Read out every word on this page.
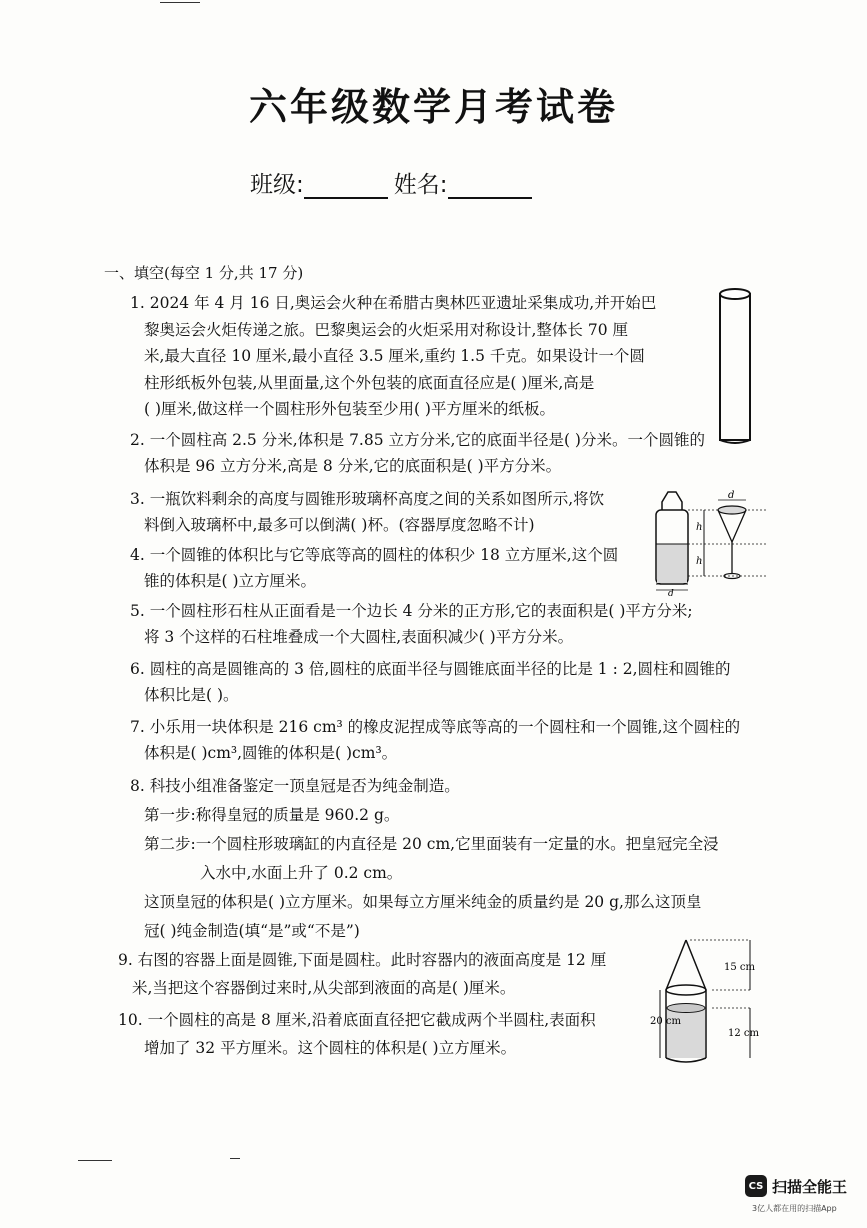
六年级数学月考试卷
班级:	姓名:
一、填空(每空 1 分,共 17 分)
1. 2024 年 4 月 16 日,奥运会火种在希腊古奥林匹亚遗址采集成功,并开始巴
黎奥运会火炬传递之旅。巴黎奥运会的火炬采用对称设计,整体长 70 厘
米,最大直径 10 厘米,最小直径 3.5 厘米,重约 1.5 千克。如果设计一个圆
柱形纸板外包装,从里面量,这个外包装的底面直径应是( )厘米,高是
( )厘米,做这样一个圆柱形外包装至少用( )平方厘米的纸板。
2. 一个圆柱高 2.5 分米,体积是 7.85 立方分米,它的底面半径是( )分米。一个圆锥的
体积是 96 立方分米,高是 8 分米,它的底面积是( )平方分米。
3. 一瓶饮料剩余的高度与圆锥形玻璃杯高度之间的关系如图所示,将饮
料倒入玻璃杯中,最多可以倒满( )杯。(容器厚度忽略不计)
4. 一个圆锥的体积比与它等底等高的圆柱的体积少 18 立方厘米,这个圆
锥的体积是( )立方厘米。
5. 一个圆柱形石柱从正面看是一个边长 4 分米的正方形,它的表面积是( )平方分米;
将 3 个这样的石柱堆叠成一个大圆柱,表面积减少( )平方分米。
6. 圆柱的高是圆锥高的 3 倍,圆柱的底面半径与圆锥底面半径的比是 1 : 2,圆柱和圆锥的
体积比是( )。
7. 小乐用一块体积是 216 cm³ 的橡皮泥捏成等底等高的一个圆柱和一个圆锥,这个圆柱的
体积是( )cm³,圆锥的体积是( )cm³。
8. 科技小组准备鉴定一顶皇冠是否为纯金制造。
第一步:称得皇冠的质量是 960.2 g。
第二步:一个圆柱形玻璃缸的内直径是 20 cm,它里面装有一定量的水。把皇冠完全浸
入水中,水面上升了 0.2 cm。
这顶皇冠的体积是( )立方厘米。如果每立方厘米纯金的质量约是 20 g,那么这顶皇
冠( )纯金制造(填“是”或“不是”)
9. 右图的容器上面是圆锥,下面是圆柱。此时容器内的液面高度是 12 厘
米,当把这个容器倒过来时,从尖部到液面的高是( )厘米。
10. 一个圆柱的高是 8 厘米,沿着底面直径把它截成两个半圆柱,表面积
增加了 32 平方厘米。这个圆柱的体积是( )立方厘米。
h
h
d
d
15 cm
20 cm
12 cm
CS 扫描全能王
3亿人都在用的扫描App
